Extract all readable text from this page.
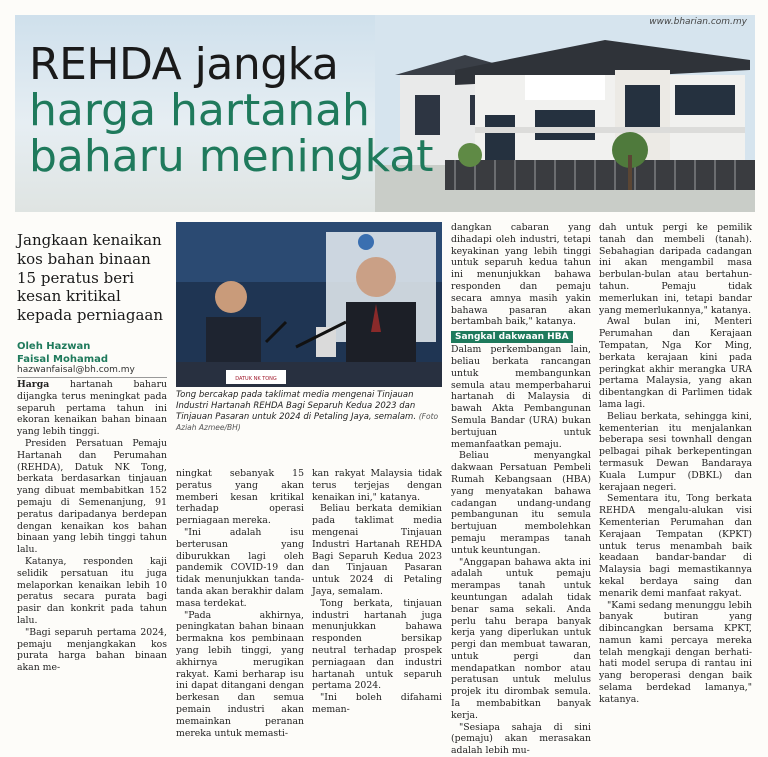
www.bharian.com.my
REHDA jangka
harga hartanah
baharu meningkat
Jangkaan kenaikan kos bahan binaan 15 peratus beri kesan kritikal kepada perniagaan
Oleh Hazwan
Faisal Mohamad
hazwanfaisal@bh.com.my

Harga hartanah baharu dijangka terus meningkat pada separuh pertama tahun ini ekoran kenaikan bahan binaan yang lebih tinggi.

Presiden Persatuan Pemaju Hartanah dan Perumahan (REHDA), Datuk NK Tong, berkata berdasarkan tinjauan yang dibuat membabitkan 152 pemaju di Semenanjung, 91 peratus daripadanya berdepan dengan kenaikan kos bahan binaan yang lebih tinggi tahun lalu.

Katanya, responden kaji selidik persatuan itu juga melaporkan kenaikan lebih 10 peratus secara purata bagi pasir dan konkrit pada tahun lalu.

"Bagi separuh pertama 2024, pemaju menjangkakan kos purata harga bahan binaan akan me-

DATUK NK TONG
Tong bercakap pada taklimat media mengenai Tinjauan Industri Hartanah REHDA Bagi Separuh Kedua 2023 dan Tinjauan Pasaran untuk 2024 di Petaling Jaya, semalam. (Foto Aziah Azmee/BH)

ningkat sebanyak 15 peratus yang akan memberi kesan kritikal terhadap operasi perniagaan mereka.

"Ini adalah isu berterusan yang diburukkan lagi oleh pandemik COVID-19 dan tidak menunjukkan tanda-tanda akan berakhir dalam masa terdekat.

"Pada akhirnya, peningkatan bahan binaan bermakna kos pembinaan yang lebih tinggi, yang akhirnya merugikan rakyat. Kami berharap isu ini dapat ditangani dengan berkesan dan semua pemain industri akan memainkan peranan mereka untuk memasti-

kan rakyat Malaysia tidak terus terjejas dengan kenaikan ini," katanya.

Beliau berkata demikian pada taklimat media mengenai Tinjauan Industri Hartanah REHDA Bagi Separuh Kedua 2023 dan Tinjauan Pasaran untuk 2024 di Petaling Jaya, semalam.

Tong berkata, tinjauan industri hartanah juga menunjukkan bahawa responden bersikap neutral terhadap prospek perniagaan dan industri hartanah untuk separuh pertama 2024.

"Ini boleh difahami meman-

dangkan cabaran yang dihadapi oleh industri, tetapi keyakinan yang lebih tinggi untuk separuh kedua tahun ini menunjukkan bahawa responden dan pemaju secara amnya masih yakin bahawa pasaran akan bertambah baik," katanya.

Sangkal dakwaan HBA

Dalam perkembangan lain, beliau berkata rancangan untuk membangunkan semula atau memperbaharui hartanah di Malaysia di bawah Akta Pembangunan Semula Bandar (URA) bukan bertujuan untuk memanfaatkan pemaju.

Beliau menyangkal dakwaan Persatuan Pembeli Rumah Kebangsaan (HBA) yang menyatakan bahawa cadangan undang-undang pembangunan itu semula bertujuan membolehkan pemaju merampas tanah untuk keuntungan.

"Anggapan bahawa akta ini adalah untuk pemaju merampas tanah untuk keuntungan adalah tidak benar sama sekali. Anda perlu tahu berapa banyak kerja yang diperlukan untuk pergi dan membuat tawaran, untuk pergi dan mendapatkan nombor atau peratusan untuk melulus projek itu dirombak semula. Ia membabitkan banyak kerja.

"Sesiapa sahaja di sini (pemaju) akan merasakan adalah lebih mu-

dah untuk pergi ke pemilik tanah dan membeli (tanah). Sebahagian daripada cadangan ini akan mengambil masa berbulan-bulan atau bertahun-tahun. Pemaju tidak memerlukan ini, tetapi bandar yang memerlukannya," katanya.

Awal bulan ini, Menteri Perumahan dan Kerajaan Tempatan, Nga Kor Ming, berkata kerajaan kini pada peringkat akhir merangka URA pertama Malaysia, yang akan dibentangkan di Parlimen tidak lama lagi.

Beliau berkata, sehingga kini, kementerian itu menjalankan beberapa sesi townhall dengan pelbagai pihak berkepentingan termasuk Dewan Bandaraya Kuala Lumpur (DBKL) dan kerajaan negeri.

Sementara itu, Tong berkata REHDA mengalu-alukan visi Kementerian Perumahan dan Kerajaan Tempatan (KPKT) untuk terus menambah baik keadaan bandar-bandar di Malaysia bagi memastikannya kekal berdaya saing dan menarik demi manfaat rakyat.

"Kami sedang menunggu lebih banyak butiran yang dibincangkan bersama KPKT, namun kami percaya mereka telah mengkaji dengan berhati-hati model serupa di rantau ini yang beroperasi dengan baik selama berdekad lamanya," katanya.
